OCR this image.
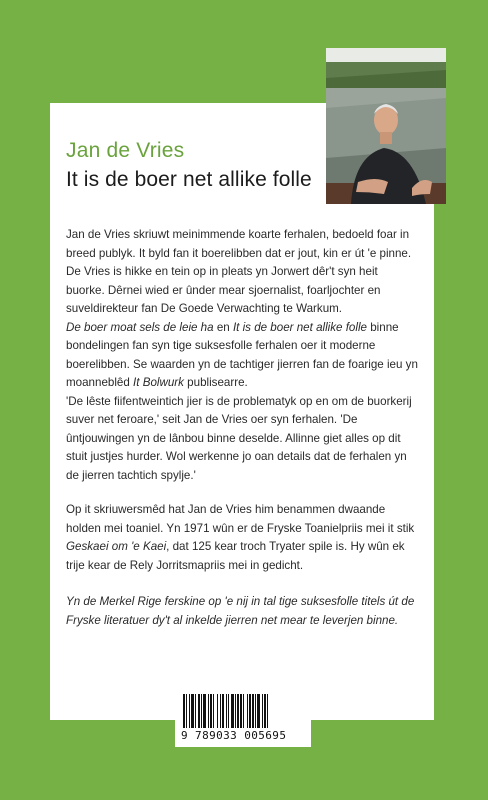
Jan de Vries
It is de boer net allike folle

Jan de Vries skriuwt meinimmende koarte ferhalen, bedoeld foar in breed publyk. It byld fan it boerelibben dat er jout, kin er út 'e pinne. De Vries is hikke en tein op in pleats yn Jorwert dêr't syn heit buorke. Dêrnei wied er ûnder mear sjoernalist, foarljochter en suveldirekteur fan De Goede Verwachting te Warkum.

De boer moat sels de leie ha en It is de boer net allike folle binne bondelingen fan syn tige suksesfolle ferhalen oer it moderne boerelibben. Se waarden yn de tachtiger jierren fan de foarige ieu yn moanneblêd It Bolwurk publisearre.

'De lêste fiifentweintich jier is de problematyk op en om de buorkerij suver net feroare,' seit Jan de Vries oer syn ferhalen. 'De ûntjouwingen yn de lânbou binne deselde. Allinne giet alles op dit stuit justjes hurder. Wol werkenne jo oan details dat de ferhalen yn de jierren tachtich spylje.'

Op it skriuwersmêd hat Jan de Vries him benammen dwaande holden mei toaniel. Yn 1971 wûn er de Fryske Toanielpriis mei it stik Geskaei om 'e Kaei, dat 125 kear troch Tryater spile is. Hy wûn ek trije kear de Rely Jorritsmapriis mei in gedicht.

Yn de Merkel Rige ferskine op 'e nij in tal tige suksesfolle titels út de Fryske literatuer dy't al inkelde jierren net mear te leverjen binne.

9 789033 005695
